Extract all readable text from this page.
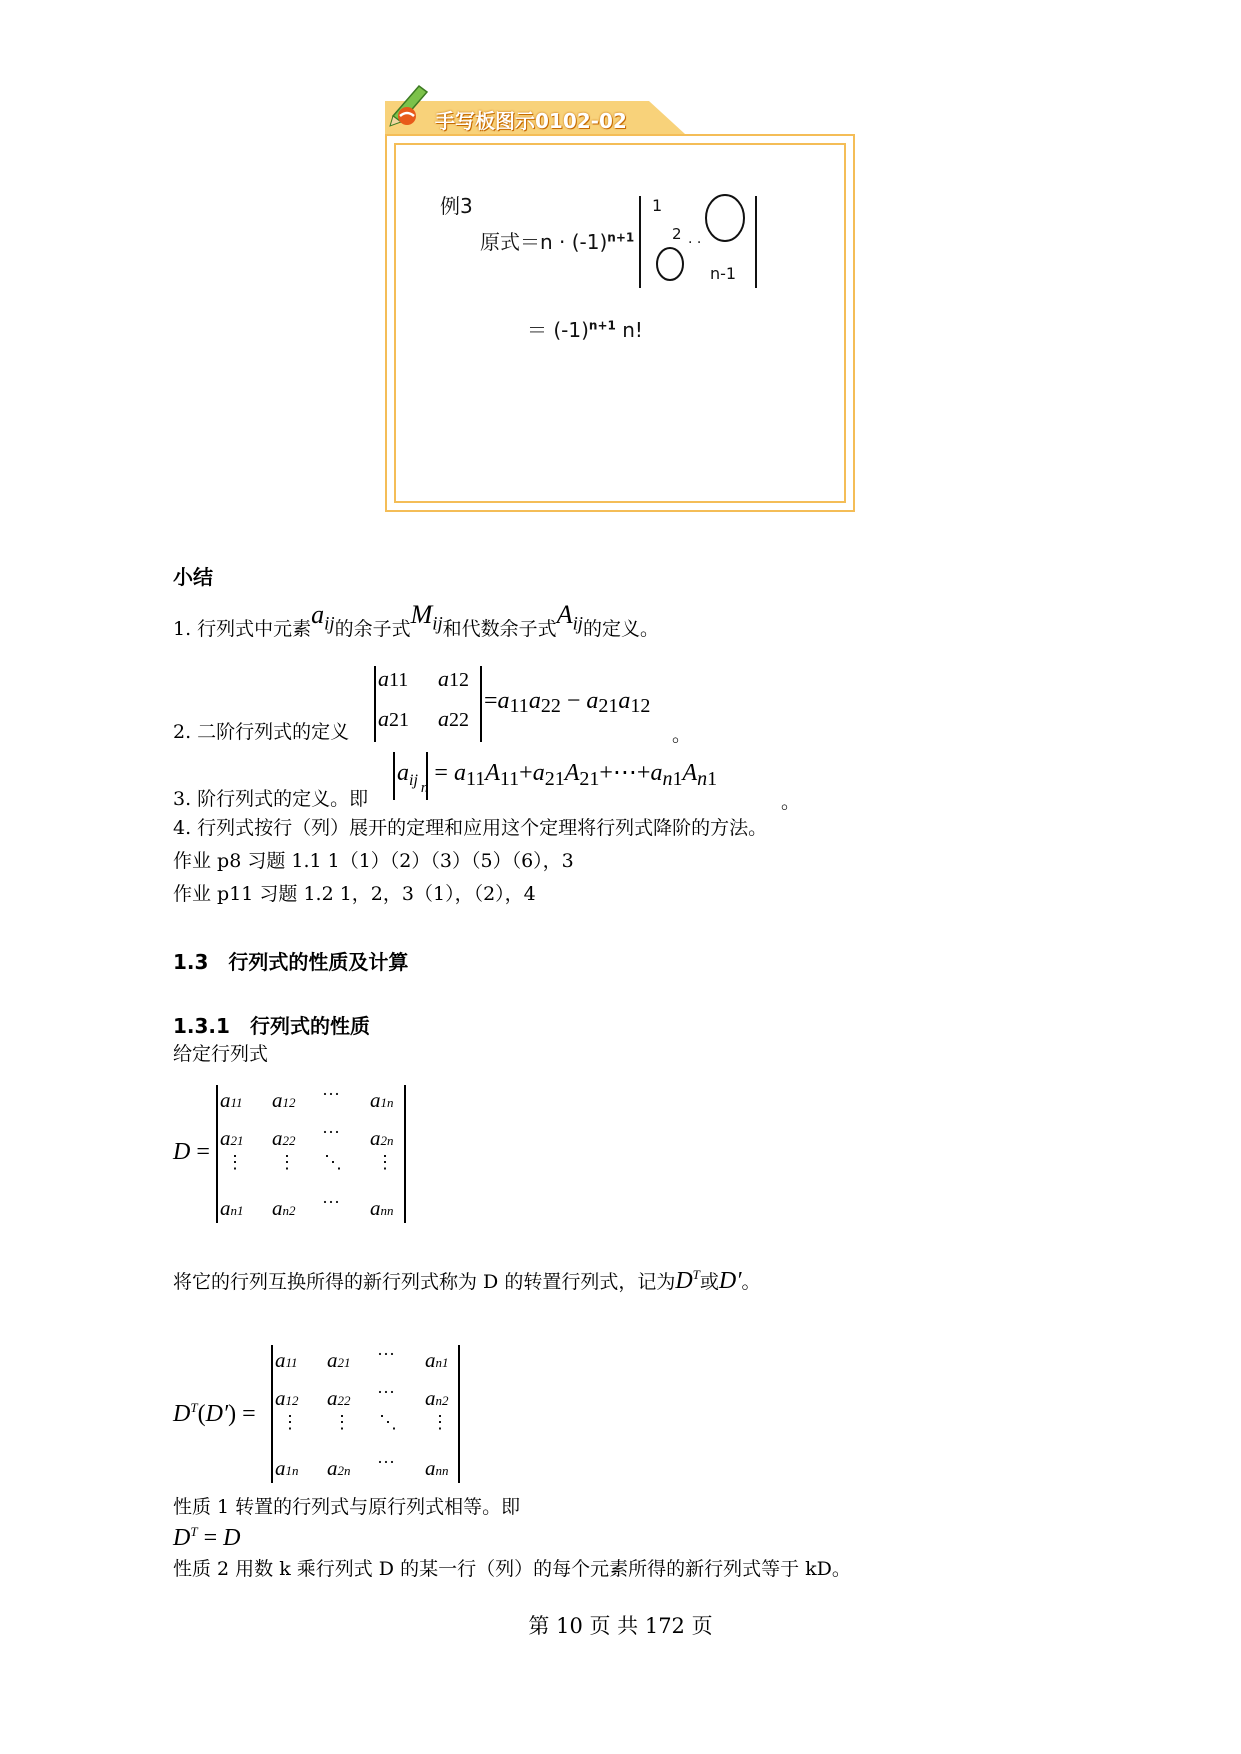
手写板图示0102-02
例3
原式$=n \cdot (-1)^{n+1}$
1
2 · ·
n-1
＝ $(-1)^{n+1}$ n!
小结
1. 行列式中元素$a_{ij}$的余子式$M_{ij}$和代数余子式$A_{ij}$的定义。
2. 二阶行列式的定义
a11 a12
a21 a22
=a11a22 − a21a12
。
3. 阶行列式的定义。即
$a_{ij}$ $_n = a_{11}A_{11}+a_{21}A_{21}+\cdots+a_{n1}A_{n1}$
。
4. 行列式按行（列）展开的定理和应用这个定理将行列式降阶的方法。
作业 p8 习题 1.1 1（1）（2）（3）（5）（6），3
作业 p11 习题 1.2 1，2，3（1），（2），4
1.3　行列式的性质及计算
1.3.1　行列式的性质
给定行列式
D =
a11 a12 ··· a1n
a21 a22 ··· a2n
⋮ ⋮ ⋱ ⋮
an1 an2 ··· ann
将它的行列互换所得的新行列式称为 D 的转置行列式，记为$D^T$或D′。
$D^T(D')$ =
a11 a21 ··· an1
a12 a22 ··· an2
⋮ ⋮ ⋱ ⋮
a1n a2n ··· ann
性质 1 转置的行列式与原行列式相等。即
$D^T = D$
性质 2 用数 k 乘行列式 D 的某一行（列）的每个元素所得的新行列式等于 kD。
第 10 页 共 172 页
